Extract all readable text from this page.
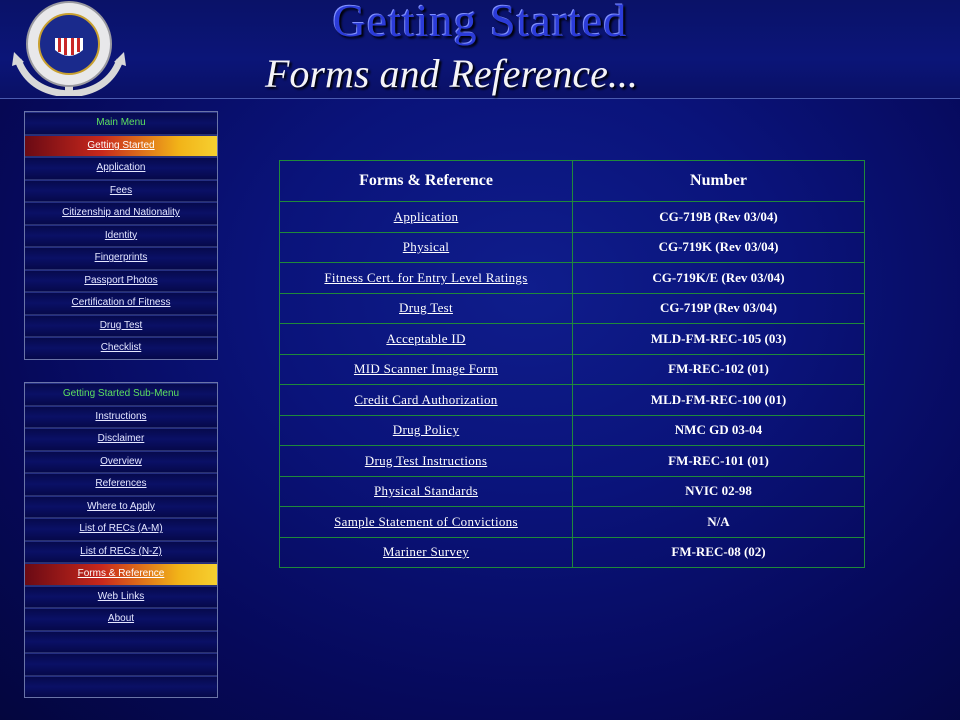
Getting Started
Forms and Reference...
Main Menu
Getting Started
Application
Fees
Citizenship and Nationality
Identity
Fingerprints
Passport Photos
Certification of Fitness
Drug Test
Checklist
Getting Started Sub-Menu
Instructions
Disclaimer
Overview
References
Where to Apply
List of RECs (A-M)
List of RECs (N-Z)
Forms & Reference
Web Links
About
Forms & Reference	Number
Application	CG-719B (Rev 03/04)
Physical	CG-719K (Rev 03/04)
Fitness Cert. for Entry Level Ratings	CG-719K/E (Rev 03/04)
Drug Test	CG-719P (Rev 03/04)
Acceptable ID	MLD-FM-REC-105 (03)
MID Scanner Image Form	FM-REC-102 (01)
Credit Card Authorization	MLD-FM-REC-100 (01)
Drug Policy	NMC GD 03-04
Drug Test Instructions	FM-REC-101 (01)
Physical Standards	NVIC 02-98
Sample Statement of Convictions	N/A
Mariner Survey	FM-REC-08 (02)
